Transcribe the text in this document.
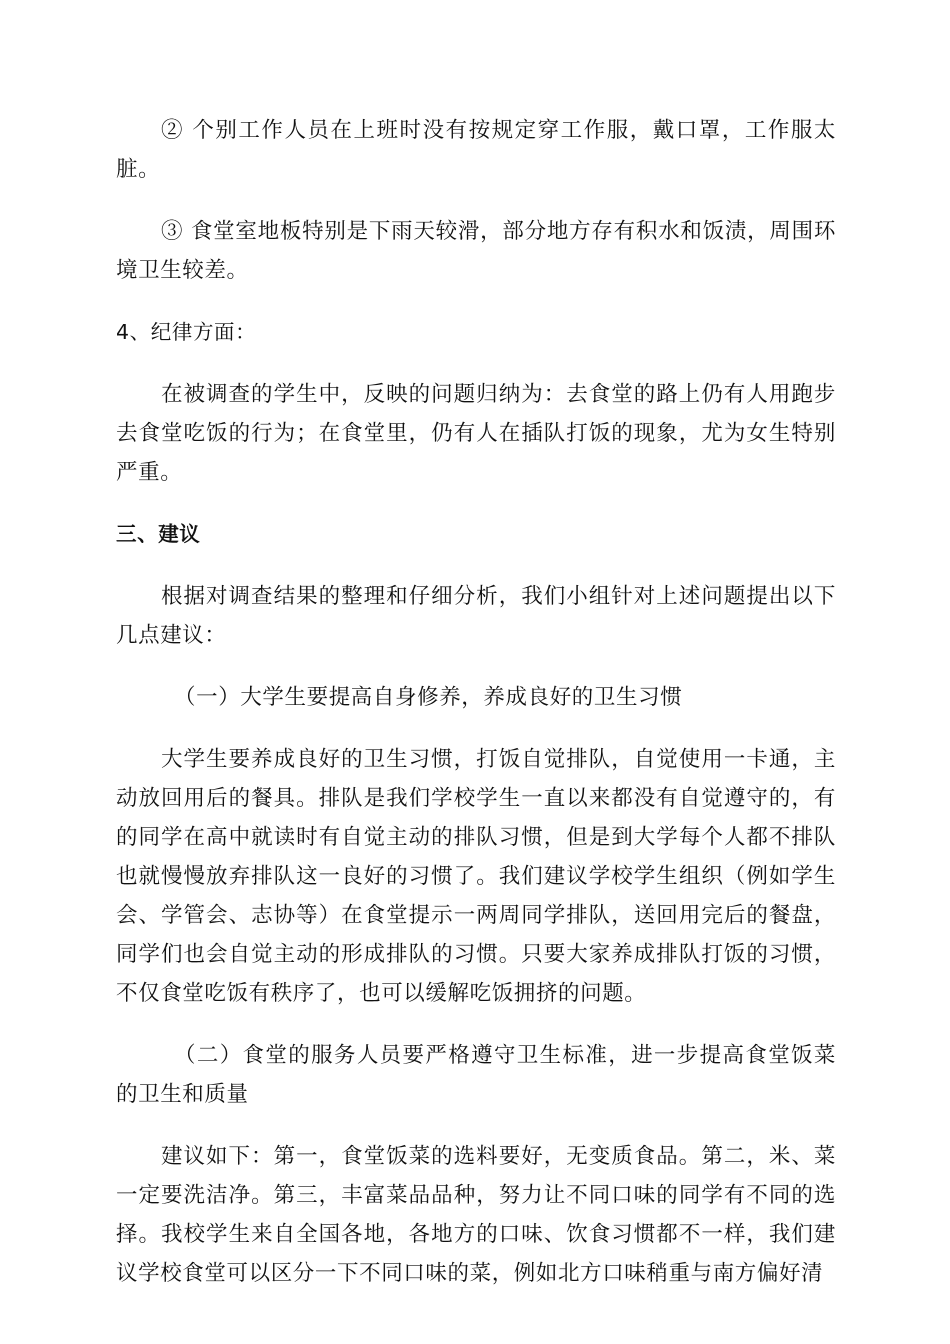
② 个别工作人员在上班时没有按规定穿工作服，戴口罩，工作服太脏。

③ 食堂室地板特别是下雨天较滑，部分地方存有积水和饭渍，周围环境卫生较差。

4、纪律方面：

在被调查的学生中，反映的问题归纳为：去食堂的路上仍有人用跑步去食堂吃饭的行为；在食堂里，仍有人在插队打饭的现象，尤为女生特别严重。

三、建议

根据对调查结果的整理和仔细分析，我们小组针对上述问题提出以下几点建议：

（一）大学生要提高自身修养，养成良好的卫生习惯

大学生要养成良好的卫生习惯，打饭自觉排队，自觉使用一卡通，主动放回用后的餐具。排队是我们学校学生一直以来都没有自觉遵守的，有的同学在高中就读时有自觉主动的排队习惯，但是到大学每个人都不排队也就慢慢放弃排队这一良好的习惯了。我们建议学校学生组织（例如学生会、学管会、志协等）在食堂提示一两周同学排队，送回用完后的餐盘，同学们也会自觉主动的形成排队的习惯。只要大家养成排队打饭的习惯，不仅食堂吃饭有秩序了，也可以缓解吃饭拥挤的问题。

（二）食堂的服务人员要严格遵守卫生标准，进一步提高食堂饭菜的卫生和质量

建议如下：第一，食堂饭菜的选料要好，无变质食品。第二，米、菜一定要洗洁净。第三，丰富菜品品种，努力让不同口味的同学有不同的选择。我校学生来自全国各地，各地方的口味、饮食习惯都不一样，我们建议学校食堂可以区分一下不同口味的菜，例如北方口味稍重与南方偏好清
